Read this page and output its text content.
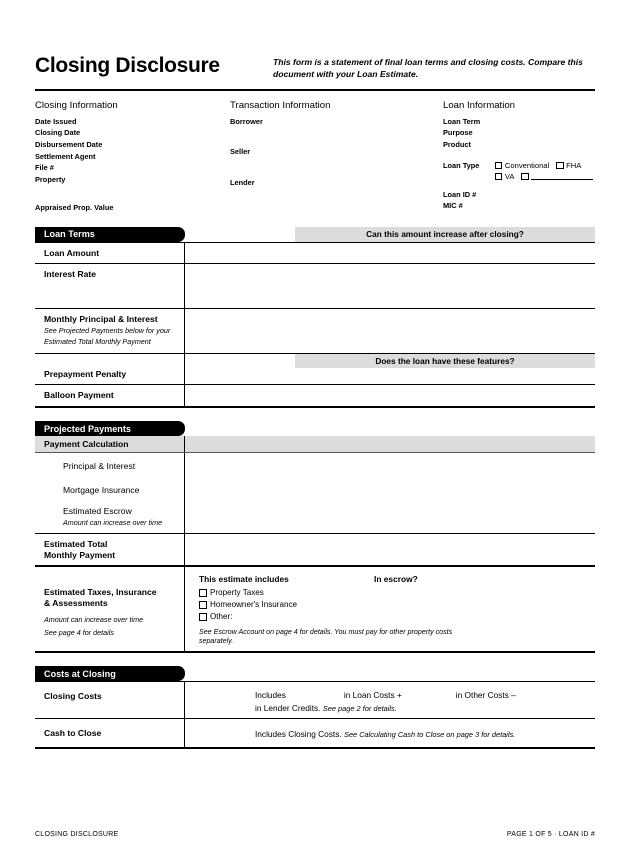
Closing Disclosure	This form is a statement of final loan terms and closing costs. Compare this document with your Loan Estimate.
Closing Information
Date Issued
Closing Date
Disbursement Date
Settlement Agent
File #
Property
Appraised Prop. Value
Transaction Information
Borrower
Seller
Lender
Loan Information
Loan Term
Purpose
Product
Loan Type	Conventional FHA
VA
Loan ID #
MIC #
Loan Terms	Can this amount increase after closing?
Loan Amount
Interest Rate
Monthly Principal & Interest
See Projected Payments below for your
Estimated Total Monthly Payment
Prepayment Penalty
Does the loan have these features?
Balloon Payment
Projected Payments
Payment Calculation
Principal & Interest
Mortgage Insurance
Estimated Escrow
Amount can increase over time
Estimated Total
Monthly Payment
Estimated Taxes, Insurance
& Assessments
Amount can increase over time
See page 4 for details
This estimate includes	In escrow?
Property Taxes
Homeowner's Insurance
Other:
See Escrow Account on page 4 for details. You must pay for other property costs separately.
Costs at Closing
Closing Costs	Includes	in Loan Costs +	in Other Costs –
in Lender Credits. See page 2 for details.
Cash to Close	Includes Closing Costs. See Calculating Cash to Close on page 3 for details.
CLOSING DISCLOSURE	PAGE 1 OF 5 · LOAN ID #
